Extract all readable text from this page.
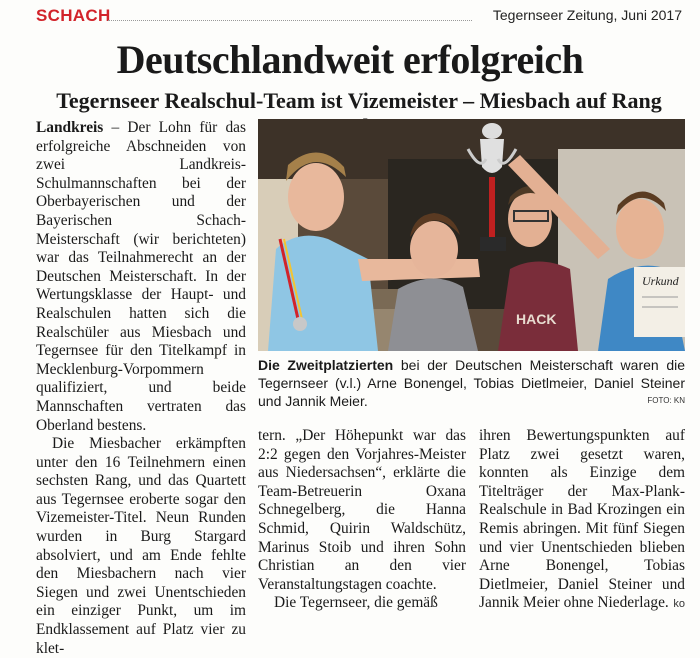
SCHACH	Tegernseer Zeitung, Juni 2017
Deutschlandweit erfolgreich
Tegernseer Realschul-Team ist Vizemeister – Miesbach auf Rang

Landkreis – Der Lohn für das erfolgreiche Abschneiden von zwei Landkreis-Schulmannschaften bei der Oberbayerischen und der Bayerischen Schach-Meisterschaft (wir berichteten) war das Teilnahmerecht an der Deutschen Meisterschaft. In der Wertungsklasse der Haupt- und Realschulen hatten sich die Realschüler aus Miesbach und Tegernsee für den Titelkampf in Mecklenburg-Vorpommern qualifiziert, und beide Mannschaften vertraten das Oberland bestens.

Die Miesbacher erkämpften unter den 16 Teilnehmern einen sechsten Rang, und das Quartett aus Tegernsee eroberte sogar den Vizemeister-Titel. Neun Runden wurden in Burg Stargard absolviert, und am Ende fehlte den Miesbachern nach vier Siegen und zwei Unentschieden ein einziger Punkt, um im Endklassement auf Platz vier zu klet-

HACK
Urkund

Die Zweitplatzierten bei der Deutschen Meisterschaft waren die Tegernseer (v.l.) Arne Bonengel, Tobias Dietlmeier, Daniel Steiner und Jannik Meier.	FOTO: KN

tern. „Der Höhepunkt war das 2:2 gegen den Vorjahres-Meister aus Niedersachsen“, erklärte die Team-Betreuerin Oxana Schnegelberg, die Hanna Schmid, Quirin Waldschütz, Marinus Stoib und ihren Sohn Christian an den vier Veranstaltungstagen coachte.

Die Tegernseer, die gemäß

ihren Bewertungspunkten auf Platz zwei gesetzt waren, konnten als Einzige dem Titelträger der Max-Plank-Realschule in Bad Krozingen ein Remis abringen. Mit fünf Siegen und vier Unentschieden blieben Arne Bonengel, Tobias Dietlmeier, Daniel Steiner und Jannik Meier ohne Niederlage. ko
